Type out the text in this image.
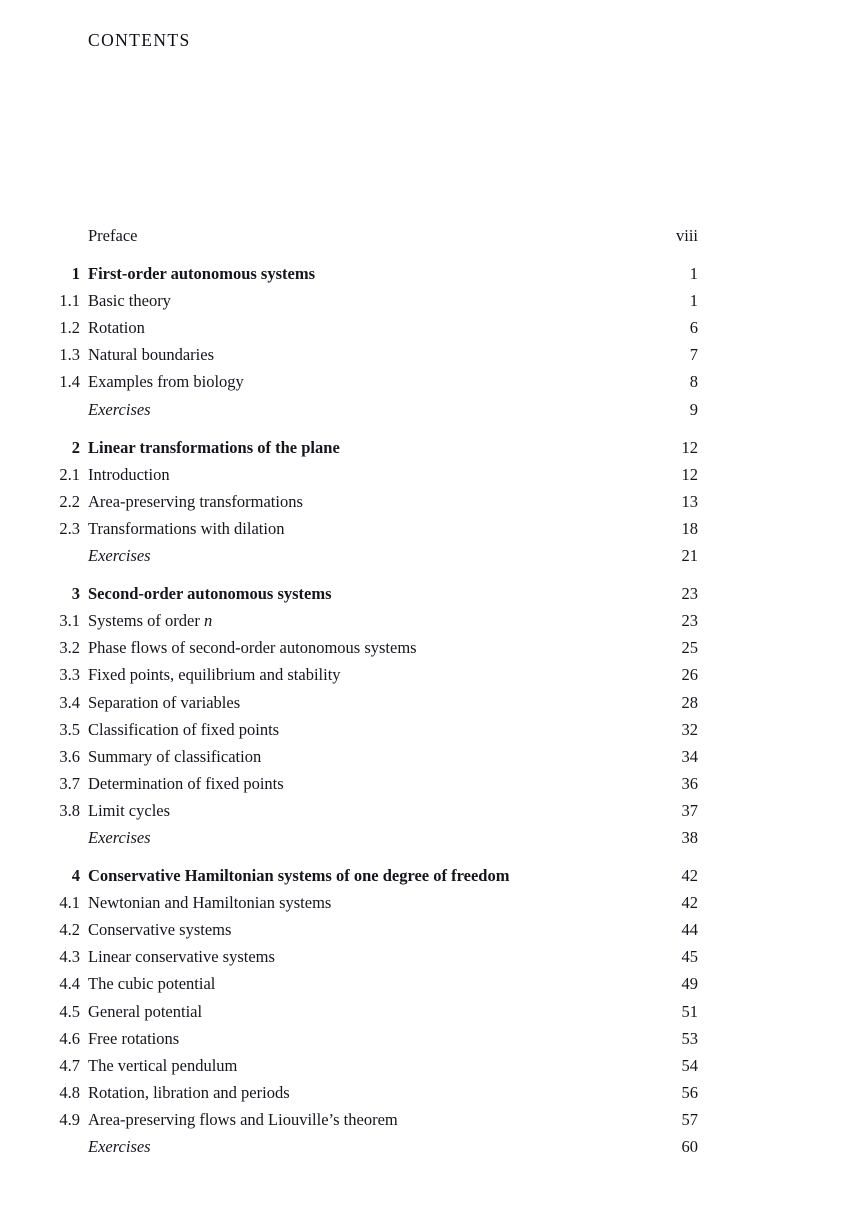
CONTENTS
Preface	viii
1 First-order autonomous systems	1
1.1 Basic theory	1
1.2 Rotation	6
1.3 Natural boundaries	7
1.4 Examples from biology	8
Exercises	9
2 Linear transformations of the plane	12
2.1 Introduction	12
2.2 Area-preserving transformations	13
2.3 Transformations with dilation	18
Exercises	21
3 Second-order autonomous systems	23
3.1 Systems of order n	23
3.2 Phase flows of second-order autonomous systems	25
3.3 Fixed points, equilibrium and stability	26
3.4 Separation of variables	28
3.5 Classification of fixed points	32
3.6 Summary of classification	34
3.7 Determination of fixed points	36
3.8 Limit cycles	37
Exercises	38
4 Conservative Hamiltonian systems of one degree of freedom	42
4.1 Newtonian and Hamiltonian systems	42
4.2 Conservative systems	44
4.3 Linear conservative systems	45
4.4 The cubic potential	49
4.5 General potential	51
4.6 Free rotations	53
4.7 The vertical pendulum	54
4.8 Rotation, libration and periods	56
4.9 Area-preserving flows and Liouville’s theorem	57
Exercises	60
